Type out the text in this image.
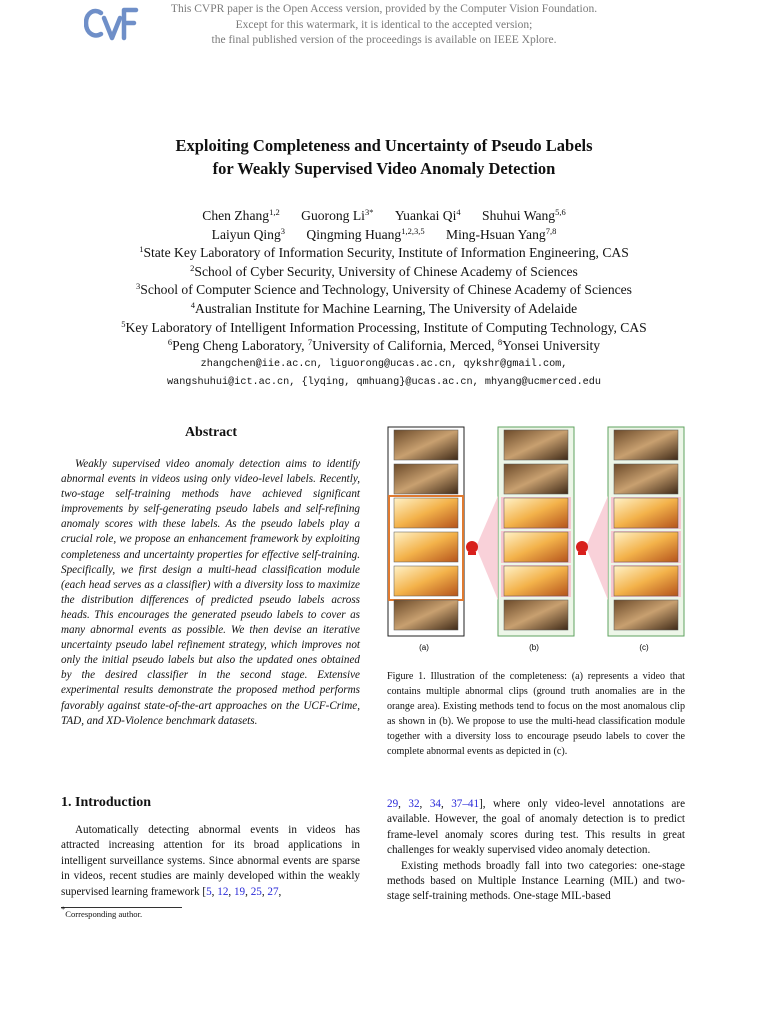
This CVPR paper is the Open Access version, provided by the Computer Vision Foundation.
Except for this watermark, it is identical to the accepted version;
the final published version of the proceedings is available on IEEE Xplore.
Exploiting Completeness and Uncertainty of Pseudo Labels
for Weakly Supervised Video Anomaly Detection
Chen Zhang$^{1,2}$ Guorong $Li^{3*}$ Yuankai Qi$^4$ Shuhui Wang$^{5,6}$
Laiyun Qing$^3$ Qingming Huang$^{1,2,3,5}$ Ming-Hsuan Yang$^{7,8}$
$^1$State Key Laboratory of Information Security, Institute of Information Engineering, CAS
$^2$School of Cyber Security, University of Chinese Academy of Sciences
$^3$School of Computer Science and Technology, University of Chinese Academy of Sciences
$^4$Australian Institute for Machine Learning, The University of Adelaide
$^5$Key Laboratory of Intelligent Information Processing, Institute of Computing Technology, CAS
$^6$Peng Cheng Laboratory, $^7$University of California, Merced, $^8$Yonsei University
zhangchen@iie.ac.cn, liguorong@ucas.ac.cn, qykshr@gmail.com,
wangshuhui@ict.ac.cn, {lyqing, qmhuang}@ucas.ac.cn, mhyang@ucmerced.edu
Abstract
Weakly supervised video anomaly detection aims to identify abnormal events in videos using only video-level labels. Recently, two-stage self-training methods have achieved significant improvements by self-generating pseudo labels and self-refining anomaly scores with these labels. As the pseudo labels play a crucial role, we propose an enhancement framework by exploiting completeness and uncertainty properties for effective self-training. Specifically, we first design a multi-head classification module (each head serves as a classifier) with a diversity loss to maximize the distribution differences of predicted pseudo labels across heads. This encourages the generated pseudo labels to cover as many abnormal events as possible. We then devise an iterative uncertainty pseudo label refinement strategy, which improves not only the initial pseudo labels but also the updated ones obtained by the desired classifier in the second stage. Extensive experimental results demonstrate the proposed method performs favorably against state-of-the-art approaches on the UCF-Crime, TAD, and XD-Violence benchmark datasets.
(a)	(b)	(c)
Figure 1. Illustration of the completeness: (a) represents a video that contains multiple abnormal clips (ground truth anomalies are in the orange area). Existing methods tend to focus on the most anomalous clip as shown in (b). We propose to use the multi-head classification module together with a diversity loss to encourage pseudo labels to cover the complete abnormal events as depicted in (c).
1. Introduction
Automatically detecting abnormal events in videos has attracted increasing attention for its broad applications in intelligent surveillance systems. Since abnormal events are sparse in videos, recent studies are mainly developed within the weakly supervised learning framework [5, 12, 19, 25, 27,

29, 32, 34, 37–41], where only video-level annotations are available. However, the goal of anomaly detection is to predict frame-level anomaly scores during test. This results in great challenges for weakly supervised video anomaly detection.

Existing methods broadly fall into two categories: one-stage methods based on Multiple Instance Learning (MIL) and two-stage self-training methods. One-stage MIL-based

*Corresponding author.
